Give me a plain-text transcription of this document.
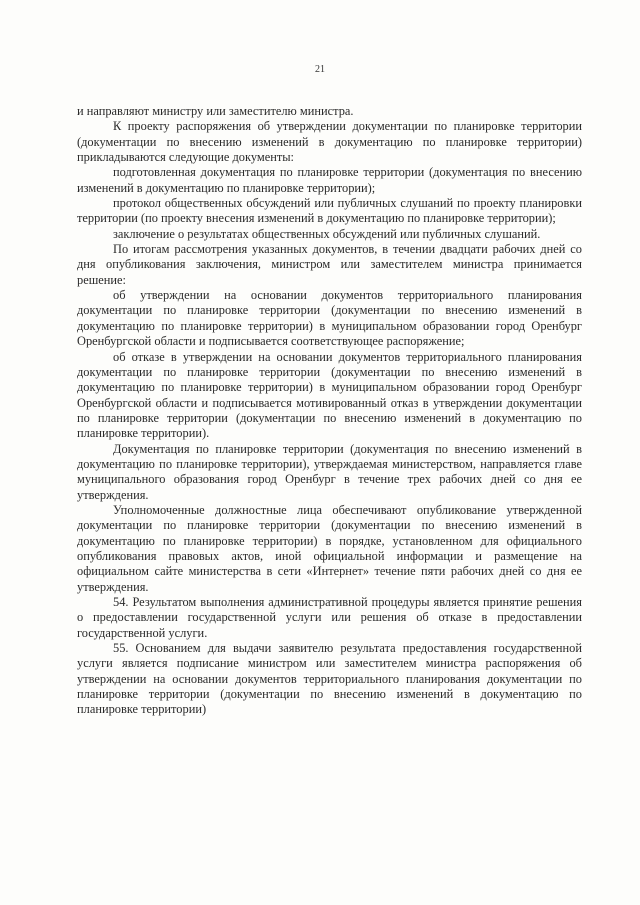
21

и направляют министру или заместителю министра.

К проекту распоряжения об утверждении документации по планировке территории (документации по внесению изменений в документацию по планировке территории) прикладываются следующие документы:

подготовленная документация по планировке территории (документация по внесению изменений в документацию по планировке территории);

протокол общественных обсуждений или публичных слушаний по проекту планировки территории (по проекту внесения изменений в документацию по планировке территории);

заключение о результатах общественных обсуждений или публичных слушаний.

По итогам рассмотрения указанных документов, в течении двадцати рабочих дней со дня опубликования заключения, министром или заместителем министра принимается решение:

об утверждении на основании документов территориального планирования документации по планировке территории (документации по внесению изменений в документацию по планировке территории) в муниципальном образовании город Оренбург Оренбургской области и подписывается соответствующее распоряжение;

об отказе в утверждении на основании документов территориального планирования документации по планировке территории (документации по внесению изменений в документацию по планировке территории) в муниципальном образовании город Оренбург Оренбургской области и подписывается мотивированный отказ в утверждении документации по планировке территории (документации по внесению изменений в документацию по планировке территории).

Документация по планировке территории (документация по внесению изменений в документацию по планировке территории), утверждаемая министерством, направляется главе муниципального образования город Оренбург в течение трех рабочих дней со дня ее утверждения.

Уполномоченные должностные лица обеспечивают опубликование утвержденной документации по планировке территории (документации по внесению изменений в документацию по планировке территории) в порядке, установленном для официального опубликования правовых актов, иной официальной информации и размещение на официальном сайте министерства в сети «Интернет» течение пяти рабочих дней со дня ее утверждения.

54. Результатом выполнения административной процедуры является принятие решения о предоставлении государственной услуги или решения об отказе в предоставлении государственной услуги.

55. Основанием для выдачи заявителю результата предоставления государственной услуги является подписание министром или заместителем министра распоряжения об утверждении на основании документов территориального планирования документации по планировке территории (документации по внесению изменений в документацию по планировке территории)
